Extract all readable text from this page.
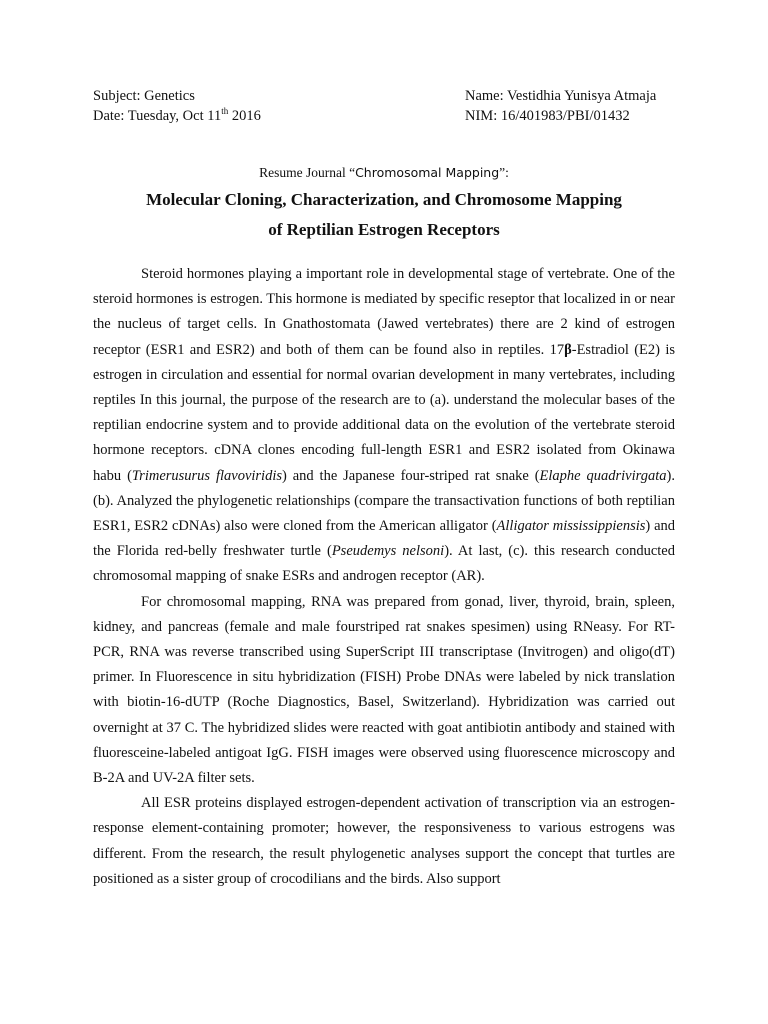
Subject: Genetics	Name: Vestidhia Yunisya Atmaja
Date: Tuesday, Oct 11th 2016	NIM: 16/401983/PBI/01432
Resume Journal “Chromosomal Mapping”:
Molecular Cloning, Characterization, and Chromosome Mapping
of Reptilian Estrogen Receptors

Steroid hormones playing a important role in developmental stage of vertebrate. One of the steroid hormones is estrogen. This hormone is mediated by specific reseptor that localized in or near the nucleus of target cells. In Gnathostomata (Jawed vertebrates) there are 2 kind of estrogen receptor (ESR1 and ESR2) and both of them can be found also in reptiles. 17β-Estradiol (E2) is estrogen in circulation and essential for normal ovarian development in many vertebrates, including reptiles In this journal, the purpose of the research are to (a). understand the molecular bases of the reptilian endocrine system and to provide additional data on the evolution of the vertebrate steroid hormone receptors. cDNA clones encoding full-length ESR1 and ESR2 isolated from Okinawa habu (Trimerusurus flavoviridis) and the Japanese four-striped rat snake (Elaphe quadrivirgata). (b). Analyzed the phylogenetic relationships (compare the transactivation functions of both reptilian ESR1, ESR2 cDNAs) also were cloned from the American alligator (Alligator mississippiensis) and the Florida red-belly freshwater turtle (Pseudemys nelsoni). At last, (c). this research conducted chromosomal mapping of snake ESRs and androgen receptor (AR).

For chromosomal mapping, RNA was prepared from gonad, liver, thyroid, brain, spleen, kidney, and pancreas (female and male fourstriped rat snakes spesimen) using RNeasy. For RT-PCR, RNA was reverse transcribed using SuperScript III transcriptase (Invitrogen) and oligo(dT) primer. In Fluorescence in situ hybridization (FISH) Probe DNAs were labeled by nick translation with biotin-16-dUTP (Roche Diagnostics, Basel, Switzerland). Hybridization was carried out overnight at 37 C. The hybridized slides were reacted with goat antibiotin antibody and stained with fluoresceine-labeled antigoat IgG. FISH images were observed using fluorescence microscopy and B-2A and UV-2A filter sets.

All ESR proteins displayed estrogen-dependent activation of transcription via an estrogen-response element-containing promoter; however, the responsiveness to various estrogens was different. From the research, the result phylogenetic analyses support the concept that turtles are positioned as a sister group of crocodilians and the birds. Also support
